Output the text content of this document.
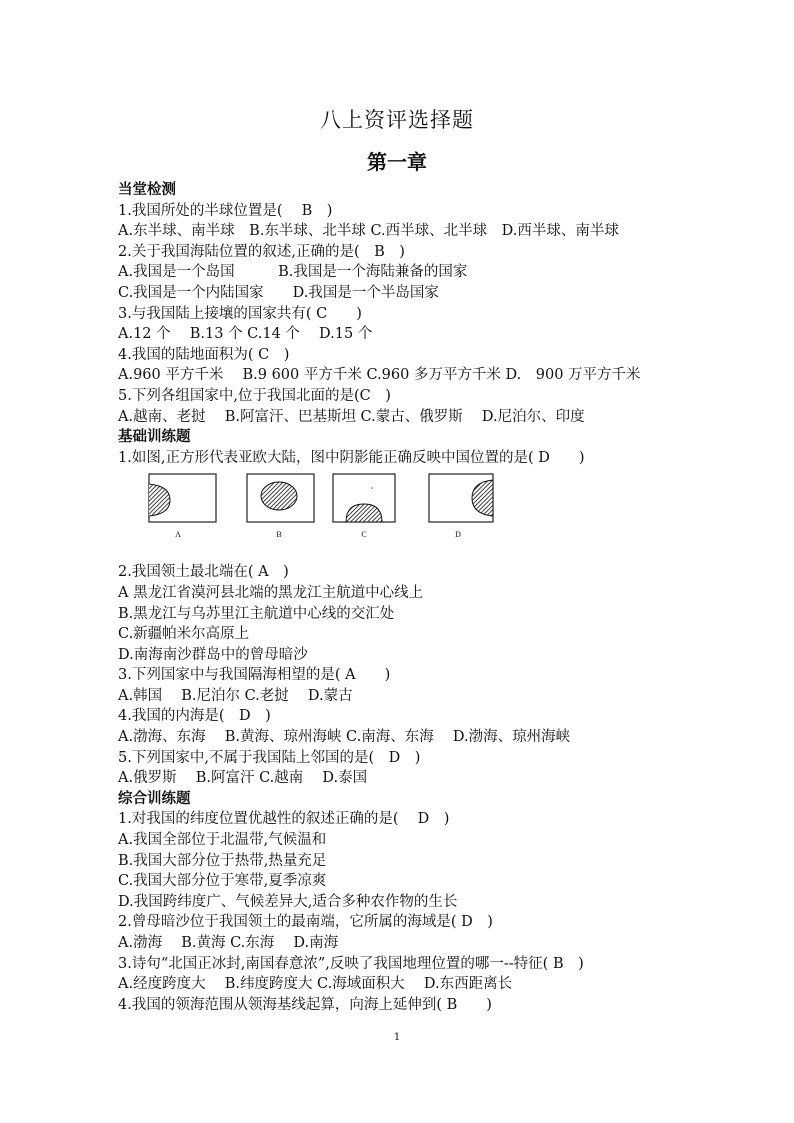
八上资评选择题
第一章
当堂检测
1.我国所处的半球位置是(　 B　)
A.东半球、南半球　B.东半球、北半球 C.西半球、北半球　D.西半球、南半球
2.关于我国海陆位置的叙述,正确的是(　B　)
A.我国是一个岛国　　　B.我国是一个海陆兼备的国家
C.我国是一个内陆国家　　D.我国是一个半岛国家
3.与我国陆上接壤的国家共有( C　　)
A.12 个　 B.13 个 C.14 个　 D.15 个
4.我国的陆地面积为( C　)
A.960 平方千米　 B.9 600 平方千米 C.960 多万平方千米 D.　900 万平方千米
5.下列各组国家中,位于我国北面的是(C　)
A.越南、老挝　 B.阿富汗、巴基斯坦 C.蒙古、俄罗斯　 D.尼泊尔、印度
基础训练题
1.如图,正方形代表亚欧大陆，图中阴影能正确反映中国位置的是( D　　)
A	B	C	D
2.我国领土最北端在( A　)
A 黑龙江省漠河县北端的黑龙江主航道中心线上
B.黑龙江与乌苏里江主航道中心线的交汇处
C.新疆帕米尔高原上
D.南海南沙群岛中的曾母暗沙
3.下列国家中与我国隔海相望的是( A　　)
A.韩国　 B.尼泊尔 C.老挝　 D.蒙古
4.我国的内海是(　D　)
A.渤海、东海　 B.黄海、琼州海峡 C.南海、东海　 D.渤海、琼州海峡
5.下列国家中,不属于我国陆上邻国的是(　D　)
A.俄罗斯　 B.阿富汗 C.越南　 D.泰国
综合训练题
1.对我国的纬度位置优越性的叙述正确的是(　 D　)
A.我国全部位于北温带,气候温和
B.我国大部分位于热带,热量充足
C.我国大部分位于寒带,夏季凉爽
D.我国跨纬度广、气候差异大,适合多种农作物的生长
2.曾母暗沙位于我国领土的最南端，它所属的海域是( D　)
A.渤海　 B.黄海 C.东海　 D.南海
3.诗句“北国正冰封,南国春意浓”,反映了我国地理位置的哪一--特征( B　)
A.经度跨度大　 B.纬度跨度大 C.海域面积大　 D.东西距离长
4.我国的领海范围从领海基线起算，向海上延伸到( B　　)
1
